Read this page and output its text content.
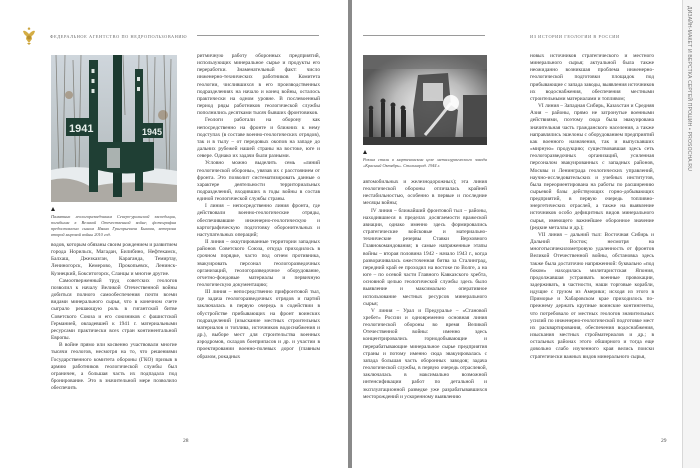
ФЕДЕРАЛЬНОЕ АГЕНТСТВО ПО НЕДРОПОЛЬЗОВАНИЮ
1941	1945
Памятник геологоразведчикам Северо-уральской экспедиции, погибшим в Великой Отечественной войне; фотография предоставлена сыном Ивана Григорьевича Быкова, ветерана второй мировой войны 2010 год.

водов, которым обязаны своим рождением и развитием города Норильск, Магадан, Билибино, Нефтекамск, Балхаш, Джезказган, Караганда, Темиртау, Лениногорск, Кемерово, Прокопьевск, Ленинск-Кузнецкий, Бокситогорск, Сланцы и многие другие.

Самоотверженный труд советских геологов позволил к началу Великой Отечественной войны добиться полного самообеспечения почти всеми видами минерального сырья, что в конечном счете сыграло решающую роль в гигантской битве Советского Союза и его союзников с фашистской Германией, овладевшей к 1941 г. материальными ресурсами практически всех стран континентальной Европы.

В войне прямо или косвенно участвовали многие тысячи геологов, несмотря на то, что решениями Государственного комитета обороны (ГКО) призыв в армию работников геологической службы был ограничен, а большая часть их подпадала под бронирование. Это в значительной мере позволило обеспечить

ритмичную работу оборонных предприятий, использующих минеральное сырье и продукты его переработки. Знаменательный факт: число инженерно-технических работников Комитета геологии, числившихся в его производственных подразделениях на начало и конец войны, осталось практически на одном уровне. В послевоенный период ряды работников геологической службы пополнились десятками тысяч бывших фронтовиков.

Геологи работали на оборону как непосредственно на фронте и ближних к нему подступах (в составе военно-геологических отрядов), так и в тылу – от передовых окопов на западе до дальних рубежей нашей страны на востоке, юге и севере. Однако их задачи были разными.

Условно можно выделить семь «линий геологической обороны», увязав их с расстоянием от фронта. Это позволит систематизировать данные о характере деятельности территориальных подразделений, входивших в годы войны в состав единой геологической службы страны.

I линия – непосредственно линия фронта, где действовали военно-геологические отряды, обеспечивавшие инженерно-геологическую и картографическую подготовку оборонительных и наступательных операций;

II линия – оккупированные территории западных районов Советского Союза, откуда приходилось в срочном порядке, часто под огнем противника, эвакуировать персонал геологоразведочных организаций, геологоразведочное оборудование, отчетно-фондовые материалы и первичную геологическую документацию;

III линия – непосредственно прифронтовой тыл, где задача геологоразведочных отрядов и партий заключалась в первую очередь в содействии в обустройстве прибывающих на фронт воинских подразделений (изыскание местных строительных материалов и топлива, источников водоснабжения и др.), выборе мест для строительства военных аэродромов, складов боеприпасов и др. и участии в проектировании военно-полевых дорог (главным образом, рокадных

28
ИЗ ИСТОРИИ ГЕОЛОГИИ В РОССИИ
Разлив стали в мартеновском цехе металлургического завода «Красный Октябрь». Сталинград. 1944 г.

автомобильных и железнодорожных); эта линия геологической обороны отличалась крайней нестабильностью, особенно в первые и последние месяцы войны;

IV линия – ближайший фронтовой тыл – районы, находившиеся в пределах досягаемости вражеской авиации, однако именно здесь формировались стратегические войсковые и материально-технические резервы Ставки Верховного Главнокомандования; в самые напряженные этапы войны – вторая половина 1942 - начало 1943 г., когда разворачивалась ожесточенная битва за Сталинград, передний край ее проходил на востоке по Волге, а на юге – по осевой части Главного Кавказского хребта, основной целью геологической службы здесь было выявление и максимально оперативное использование местных ресурсов минерального сырья;

V линия – Урал и Предуралье – «Становой хребет» России и одновременно основная линия геологической обороны во время Великой Отечественной войны: именно здесь концентрировались горнодобывающие и перерабатывающие минеральное сырье предприятия страны и потому именно сюда эвакуировалась с запада большая часть оборонных заводов; задача геологической службы, в первую очередь отраслевой, заключалась в максимально возможной интенсификации работ по детальной и эксплуатационной разведке уже разрабатывавшихся месторождений и ускоренному выявлению

новых источников стратегического и местного минерального сырья; актуальной была также неожиданно возникшая проблема инженерно-геологической подготовки площадок под прибывающие с запада заводы, выявления источников их водоснабжения, обеспечения местными строительными материалами и топливом;

VI линия – Западная Сибирь, Казахстан и Средняя Азия – районы, прямо не затронутые военными действиями, поэтому сюда была эвакуирована значительная часть гражданского населения, а также направлялись эшелоны с оборудованием предприятий как военного назначения, так и выпускавших «мирную» продукцию; существовавшая здесь сеть геологоразведочных организаций, усиленная персоналом эвакуированных с западных районов, Москвы и Ленинграда геологических управлений, научно-исследовательских и учебных институтов, была переориентирована на работы по расширению сырьевой базы действующих горно-добывающих предприятий, в первую очередь топливно-энергетических отраслей, а также на выявление источников особо дефицитных видов минерального сырья, имеющего важнейшее оборонное значение (редкие металлы и др.);

VII линия – дальний тыл: Восточная Сибирь и Дальний Восток; несмотря на многотысячекилометровую удаленность от фронтов Великой Отечественной войны, обстановка здесь также была достаточно напряженной: буквально «под боком» находилась милитаристская Япония, продолжавшая устраивать военные провокации, задерживать, в частности, наши торговые корабли, идущие с грузом из Америки; исходя из этого в Приморье и Хабаровском крае приходилось по-прежнему держать крупные воинские контингенты, что потребовало от местных геологов значительных усилий по инженерно-геологической подготовке мест их расквартирования, обеспечения водоснабжения, изыскания местных стройматериалов и др.; в остальных районах этого обширного и тогда еще довольно слабо изученного края велись поиски стратегически важных видов минерального сырья,

29
ДИЗАЙН-МАКЕТ И ВЕРСТКА СЕРГЕЙ ПРОШИН • PROSOCHA.RU
